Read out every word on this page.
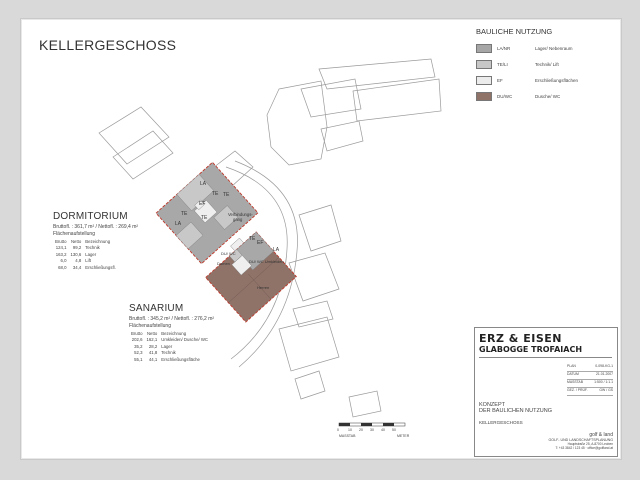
KELLERGESCHOSS
LA
TE TE
TE
EF
LA
TE
Verbindungs-
gang
TE
EF
LA
DU/ WC
DU/ WC Umkleiden
Damen
Herren
0	10 20 30 40 50
MASSTAB	METER
BAULICHE NUTZUNG
LA/NR	Lager/ Nebenraum
TE/LI	Technik/ Lift
EF	Erschließungsflächen
DU/WC	Dusche/ WC
DORMITORIUM
Bruttofl. : 361,7 m² / Nettofl. : 269,4 m²
Flächenaufstellung
Brutto	Netto	Bezeichnung
124,1	99,2	Technik
163,2	130,6	Lager
6,0	4,8	Lift
68,0	34,4	Erschließungsfl.
SANARIUM
Bruttofl. : 345,2 m² / Nettofl. : 276,2 m²
Flächenaufstellung
Brutto	Netto	Bezeichnung
202,6	162,1	Umkleiden/ Dusche/ WC
35,2	28,2	Lager
52,3	41,8	Technik
55,1	44,1	Erschließungsfläche
ERZ & EISEN
GLABOGGE TROFAIACH
PLAN	0-098-KG-1
DATUM	21.01.2007
MASSTAB	1:500 / 1:1.1
GEZ. / PRÜF.	GW / GS
KONZEPT
DER BAULICHEN NUTZUNG
KELLERGESCHOSS
golf & land
GOLF- UND LANDSCHAFTSPLANUNG
Hauptstraße 25, A-8700 Leoben
T: +43 3842 / 123 45 · office@golfland.at
